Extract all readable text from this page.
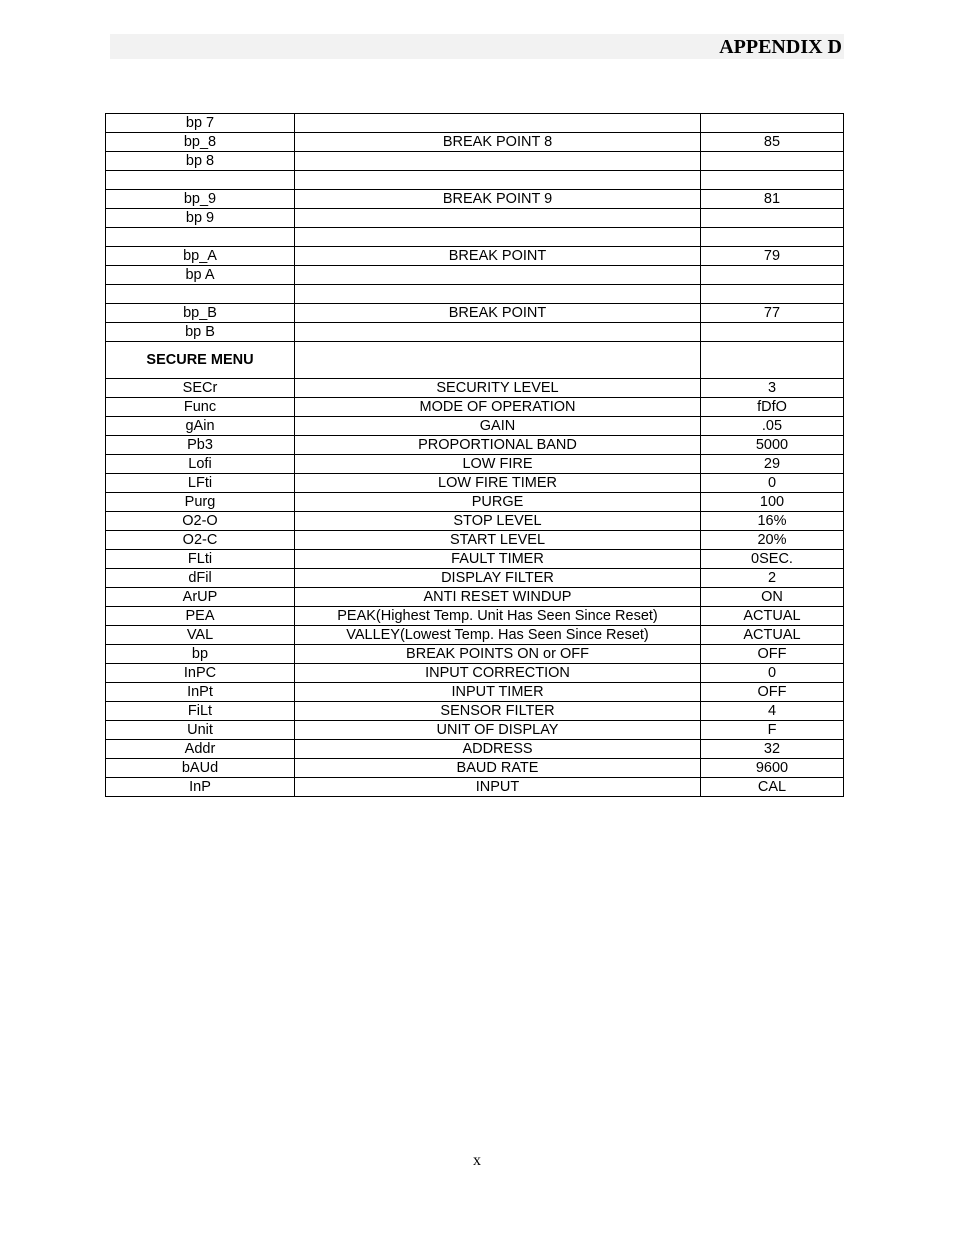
APPENDIX D
bp 7		
bp_8	BREAK POINT 8	85
bp 8		

bp_9	BREAK POINT 9	81
bp 9		

bp_A	BREAK POINT	79
bp A		

bp_B	BREAK POINT	77
bp B		
SECURE MENU		
SECr	SECURITY LEVEL	3
Func	MODE OF OPERATION	fDfO
gAin	GAIN	.05
Pb3	PROPORTIONAL BAND	5000
Lofi	LOW FIRE	29
LFti	LOW FIRE TIMER	0
Purg	PURGE	100
O2-O	STOP LEVEL	16%
O2-C	START LEVEL	20%
FLti	FAULT TIMER	0SEC.
dFil	DISPLAY FILTER	2
ArUP	ANTI RESET WINDUP	ON
PEA	PEAK(Highest Temp. Unit Has Seen Since Reset)	ACTUAL
VAL	VALLEY(Lowest Temp. Has Seen Since Reset)	ACTUAL
bp	BREAK POINTS ON or OFF	OFF
InPC	INPUT CORRECTION	0
InPt	INPUT TIMER	OFF
FiLt	SENSOR FILTER	4
Unit	UNIT OF DISPLAY	F
Addr	ADDRESS	32
bAUd	BAUD RATE	9600
InP	INPUT	CAL
x
